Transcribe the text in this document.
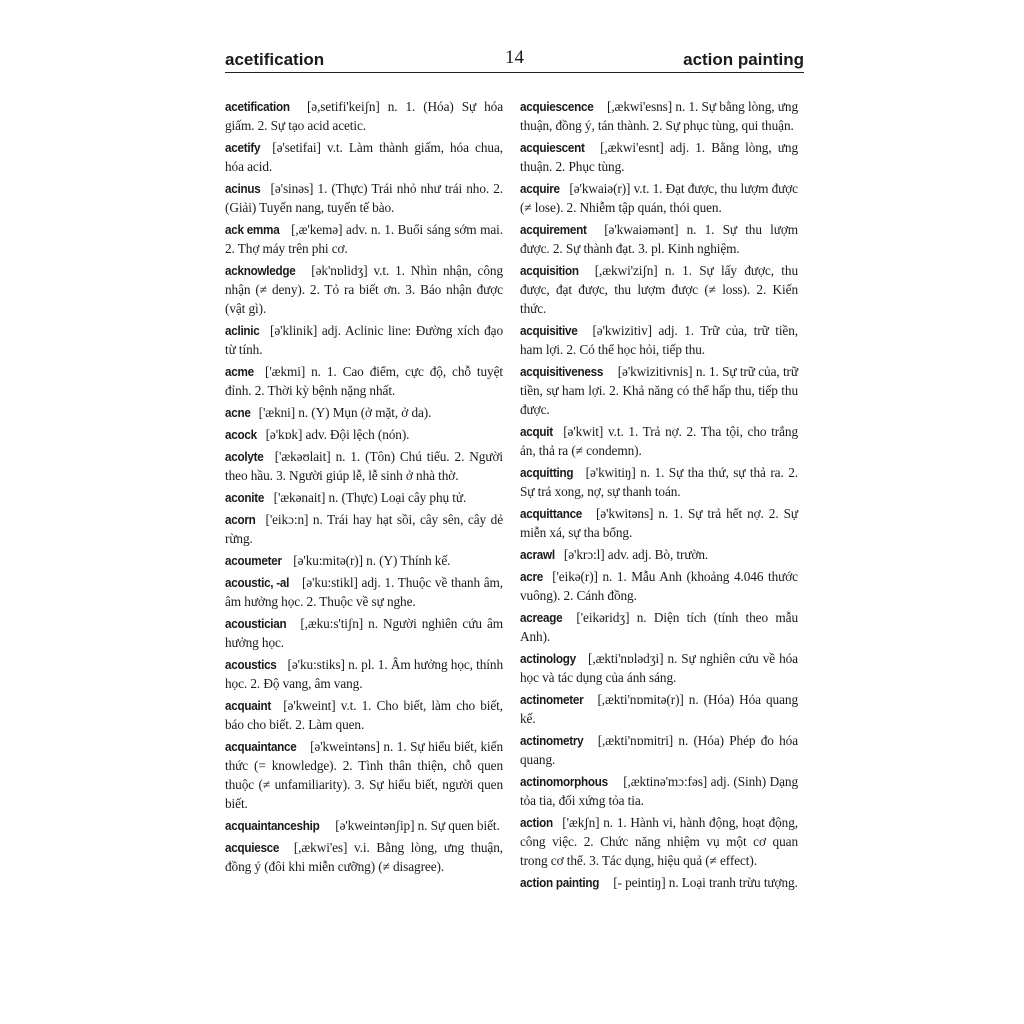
acetification	14	action painting
acetification [ə,setifi'keiʃn] n. 1. (Hóa) Sự hóa giấm. 2. Sự tạo acid acetic.
acetify [ə'setifai] v.t. Làm thành giấm, hóa chua, hóa acid.
acinus [ə'sinəs] 1. (Thực) Trái nhỏ như trái nho. 2. (Giải) Tuyến nang, tuyến tế bào.
ack emma [,æ'kemə] adv. n. 1. Buổi sáng sớm mai. 2. Thợ máy trên phi cơ.
acknowledge [ək'nɒlidʒ] v.t. 1. Nhìn nhận, công nhận (≠ deny). 2. Tỏ ra biết ơn. 3. Báo nhận được (vật gì).
aclinic [ə'klinik] adj. Aclinic line: Đường xích đạo từ tính.
acme ['ækmi] n. 1. Cao điểm, cực độ, chỗ tuyệt đỉnh. 2. Thời kỳ bệnh nặng nhất.
acne ['ækni] n. (Y) Mụn (ở mặt, ở da).
acock [ə'kɒk] adv. Đội lệch (nón).
acolyte ['ækəʊlait] n. 1. (Tôn) Chú tiểu. 2. Người theo hầu. 3. Người giúp lễ, lễ sinh ở nhà thờ.
aconite ['ækənait] n. (Thực) Loại cây phụ tử.
acorn ['eikɔ:n] n. Trái hay hạt sồi, cây sên, cây dẻ rừng.
acoumeter [ə'ku:mitə(r)] n. (Y) Thính kế.
acoustic, -al [ə'ku:stikl] adj. 1. Thuộc về thanh âm, âm hưởng học. 2. Thuộc về sự nghe.
acoustician [,æku:s'tiʃn] n. Người nghiên cứu âm hưởng học.
acoustics [ə'ku:stiks] n. pl. 1. Âm hưởng học, thính học. 2. Độ vang, âm vang.
acquaint [ə'kweint] v.t. 1. Cho biết, làm cho biết, báo cho biết. 2. Làm quen.
acquaintance [ə'kweintəns] n. 1. Sự hiểu biết, kiến thức (= knowledge). 2. Tình thân thiện, chỗ quen thuộc (≠ unfamiliarity). 3. Sự hiểu biết, người quen biết.
acquaintanceship [ə'kweintənʃip] n. Sự quen biết.
acquiesce [,ækwi'es] v.i. Bằng lòng, ưng thuận, đồng ý (đôi khi miễn cưỡng) (≠ disagree).
acquiescence [,ækwi'esns] n. 1. Sự bằng lòng, ưng thuận, đồng ý, tán thành. 2. Sự phục tùng, qui thuận.
acquiescent [,ækwi'esnt] adj. 1. Bằng lòng, ưng thuận. 2. Phục tùng.
acquire [ə'kwaiə(r)] v.t. 1. Đạt được, thu lượm được (≠ lose). 2. Nhiễm tập quán, thói quen.
acquirement [ə'kwaiəmənt] n. 1. Sự thu lượm được. 2. Sự thành đạt. 3. pl. Kinh nghiệm.
acquisition [,ækwi'ziʃn] n. 1. Sự lấy được, thu được, đạt được, thu lượm được (≠ loss). 2. Kiến thức.
acquisitive [ə'kwizitiv] adj. 1. Trữ của, trữ tiền, ham lợi. 2. Có thể học hỏi, tiếp thu.
acquisitiveness [ə'kwizitivnis] n. 1. Sự trữ của, trữ tiền, sự ham lợi. 2. Khả năng có thể hấp thu, tiếp thu được.
acquit [ə'kwit] v.t. 1. Trả nợ. 2. Tha tội, cho trắng án, thả ra (≠ condemn).
acquitting [ə'kwitiŋ] n. 1. Sự tha thứ, sự thả ra. 2. Sự trả xong, nợ, sự thanh toán.
acquittance [ə'kwitəns] n. 1. Sự trả hết nợ. 2. Sự miễn xá, sự tha bổng.
acrawl [ə'krɔ:l] adv. adj. Bò, trườn.
acre ['eikə(r)] n. 1. Mẫu Anh (khoảng 4.046 thước vuông). 2. Cánh đồng.
acreage ['eikəridʒ] n. Diện tích (tính theo mẫu Anh).
actinology [,ækti'nɒlədʒi] n. Sự nghiên cứu về hóa học và tác dụng của ánh sáng.
actinometer [,ækti'nɒmitə(r)] n. (Hóa) Hóa quang kế.
actinometry [,ækti'nɒmitri] n. (Hóa) Phép đo hóa quang.
actinomorphous [,æktinə'mɔ:fəs] adj. (Sinh) Dạng tỏa tia, đối xứng tỏa tia.
action ['ækʃn] n. 1. Hành vi, hành động, hoạt động, công việc. 2. Chức năng nhiệm vụ một cơ quan trong cơ thể. 3. Tác dụng, hiệu quả (≠ effect).
action painting [- peintiŋ] n. Loại tranh trừu tượng.
